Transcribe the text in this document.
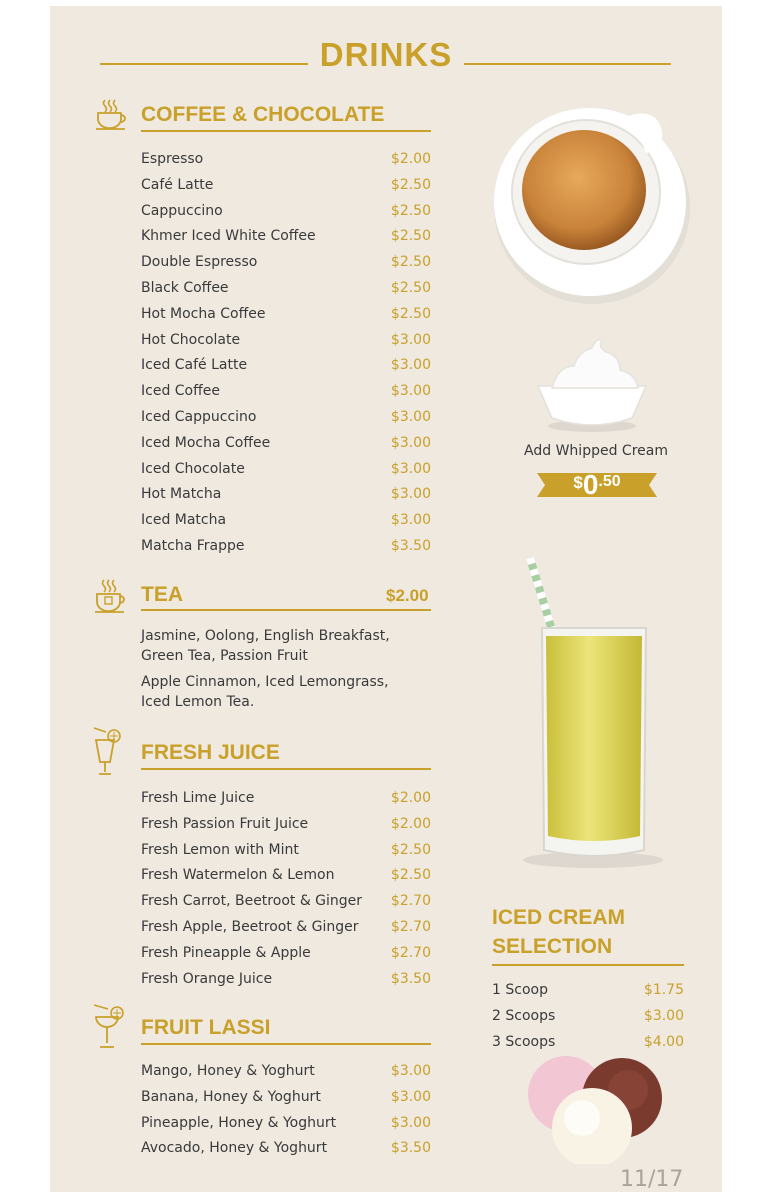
DRINKS
COFFEE & CHOCOLATE
Espresso	$2.00
Café Latte	$2.50
Cappuccino	$2.50
Khmer Iced White Coffee	$2.50
Double Espresso	$2.50
Black Coffee	$2.50
Hot Mocha Coffee	$2.50
Hot Chocolate	$3.00
Iced Café Latte	$3.00
Iced Coffee	$3.00
Iced Cappuccino	$3.00
Iced Mocha Coffee	$3.00
Iced Chocolate	$3.00
Hot Matcha	$3.00
Iced Matcha	$3.00
Matcha Frappe	$3.50
TEA	$2.00
Jasmine, Oolong, English Breakfast, Green Tea, Passion Fruit
Apple Cinnamon, Iced Lemongrass, Iced Lemon Tea.
FRESH JUICE
Fresh Lime Juice	$2.00
Fresh Passion Fruit Juice	$2.00
Fresh Lemon with Mint	$2.50
Fresh Watermelon & Lemon	$2.50
Fresh Carrot, Beetroot & Ginger $2.70
Fresh Apple, Beetroot & Ginger $2.70
Fresh Pineapple & Apple	$2.70
Fresh Orange Juice	$3.50
FRUIT LASSI
Mango, Honey & Yoghurt	$3.00
Banana, Honey & Yoghurt	$3.00
Pineapple, Honey & Yoghurt	$3.00
Avocado, Honey & Yoghurt	$3.50
Add Whipped Cream
$0.50
ICED CREAM
SELECTION
1 Scoop	$1.75
2 Scoops	$3.00
3 Scoops	$4.00
11/17
